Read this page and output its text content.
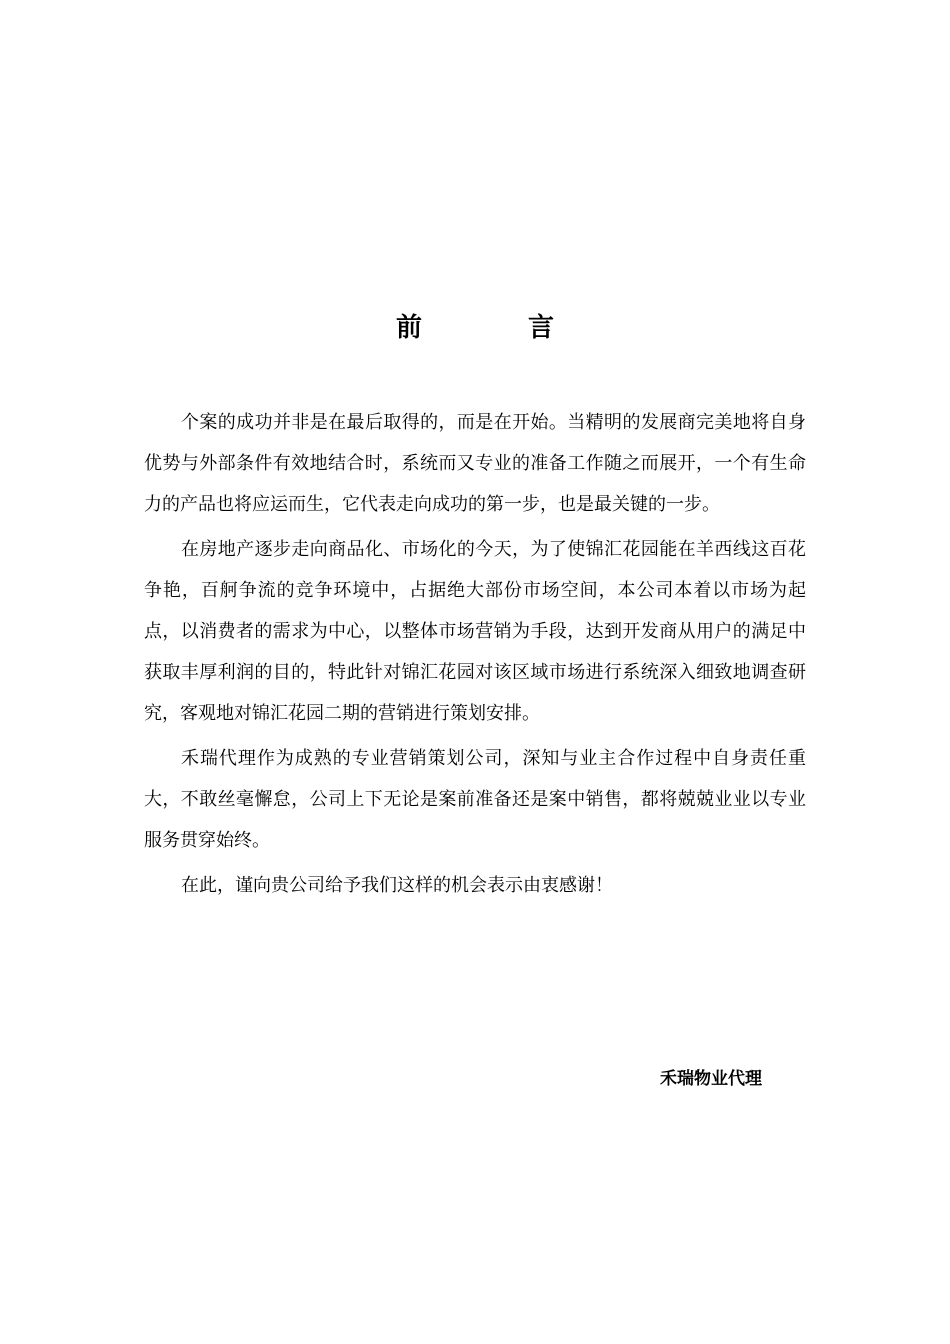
前　言

个案的成功并非是在最后取得的，而是在开始。当精明的发展商完美地将自身优势与外部条件有效地结合时，系统而又专业的准备工作随之而展开，一个有生命力的产品也将应运而生，它代表走向成功的第一步，也是最关键的一步。

在房地产逐步走向商品化、市场化的今天，为了使锦汇花园能在羊西线这百花争艳，百舸争流的竞争环境中，占据绝大部份市场空间，本公司本着以市场为起点，以消费者的需求为中心，以整体市场营销为手段，达到开发商从用户的满足中获取丰厚利润的目的，特此针对锦汇花园对该区域市场进行系统深入细致地调查研究，客观地对锦汇花园二期的营销进行策划安排。

禾瑞代理作为成熟的专业营销策划公司，深知与业主合作过程中自身责任重大，不敢丝毫懈怠，公司上下无论是案前准备还是案中销售，都将兢兢业业以专业服务贯穿始终。

在此，谨向贵公司给予我们这样的机会表示由衷感谢！

禾瑞物业代理
